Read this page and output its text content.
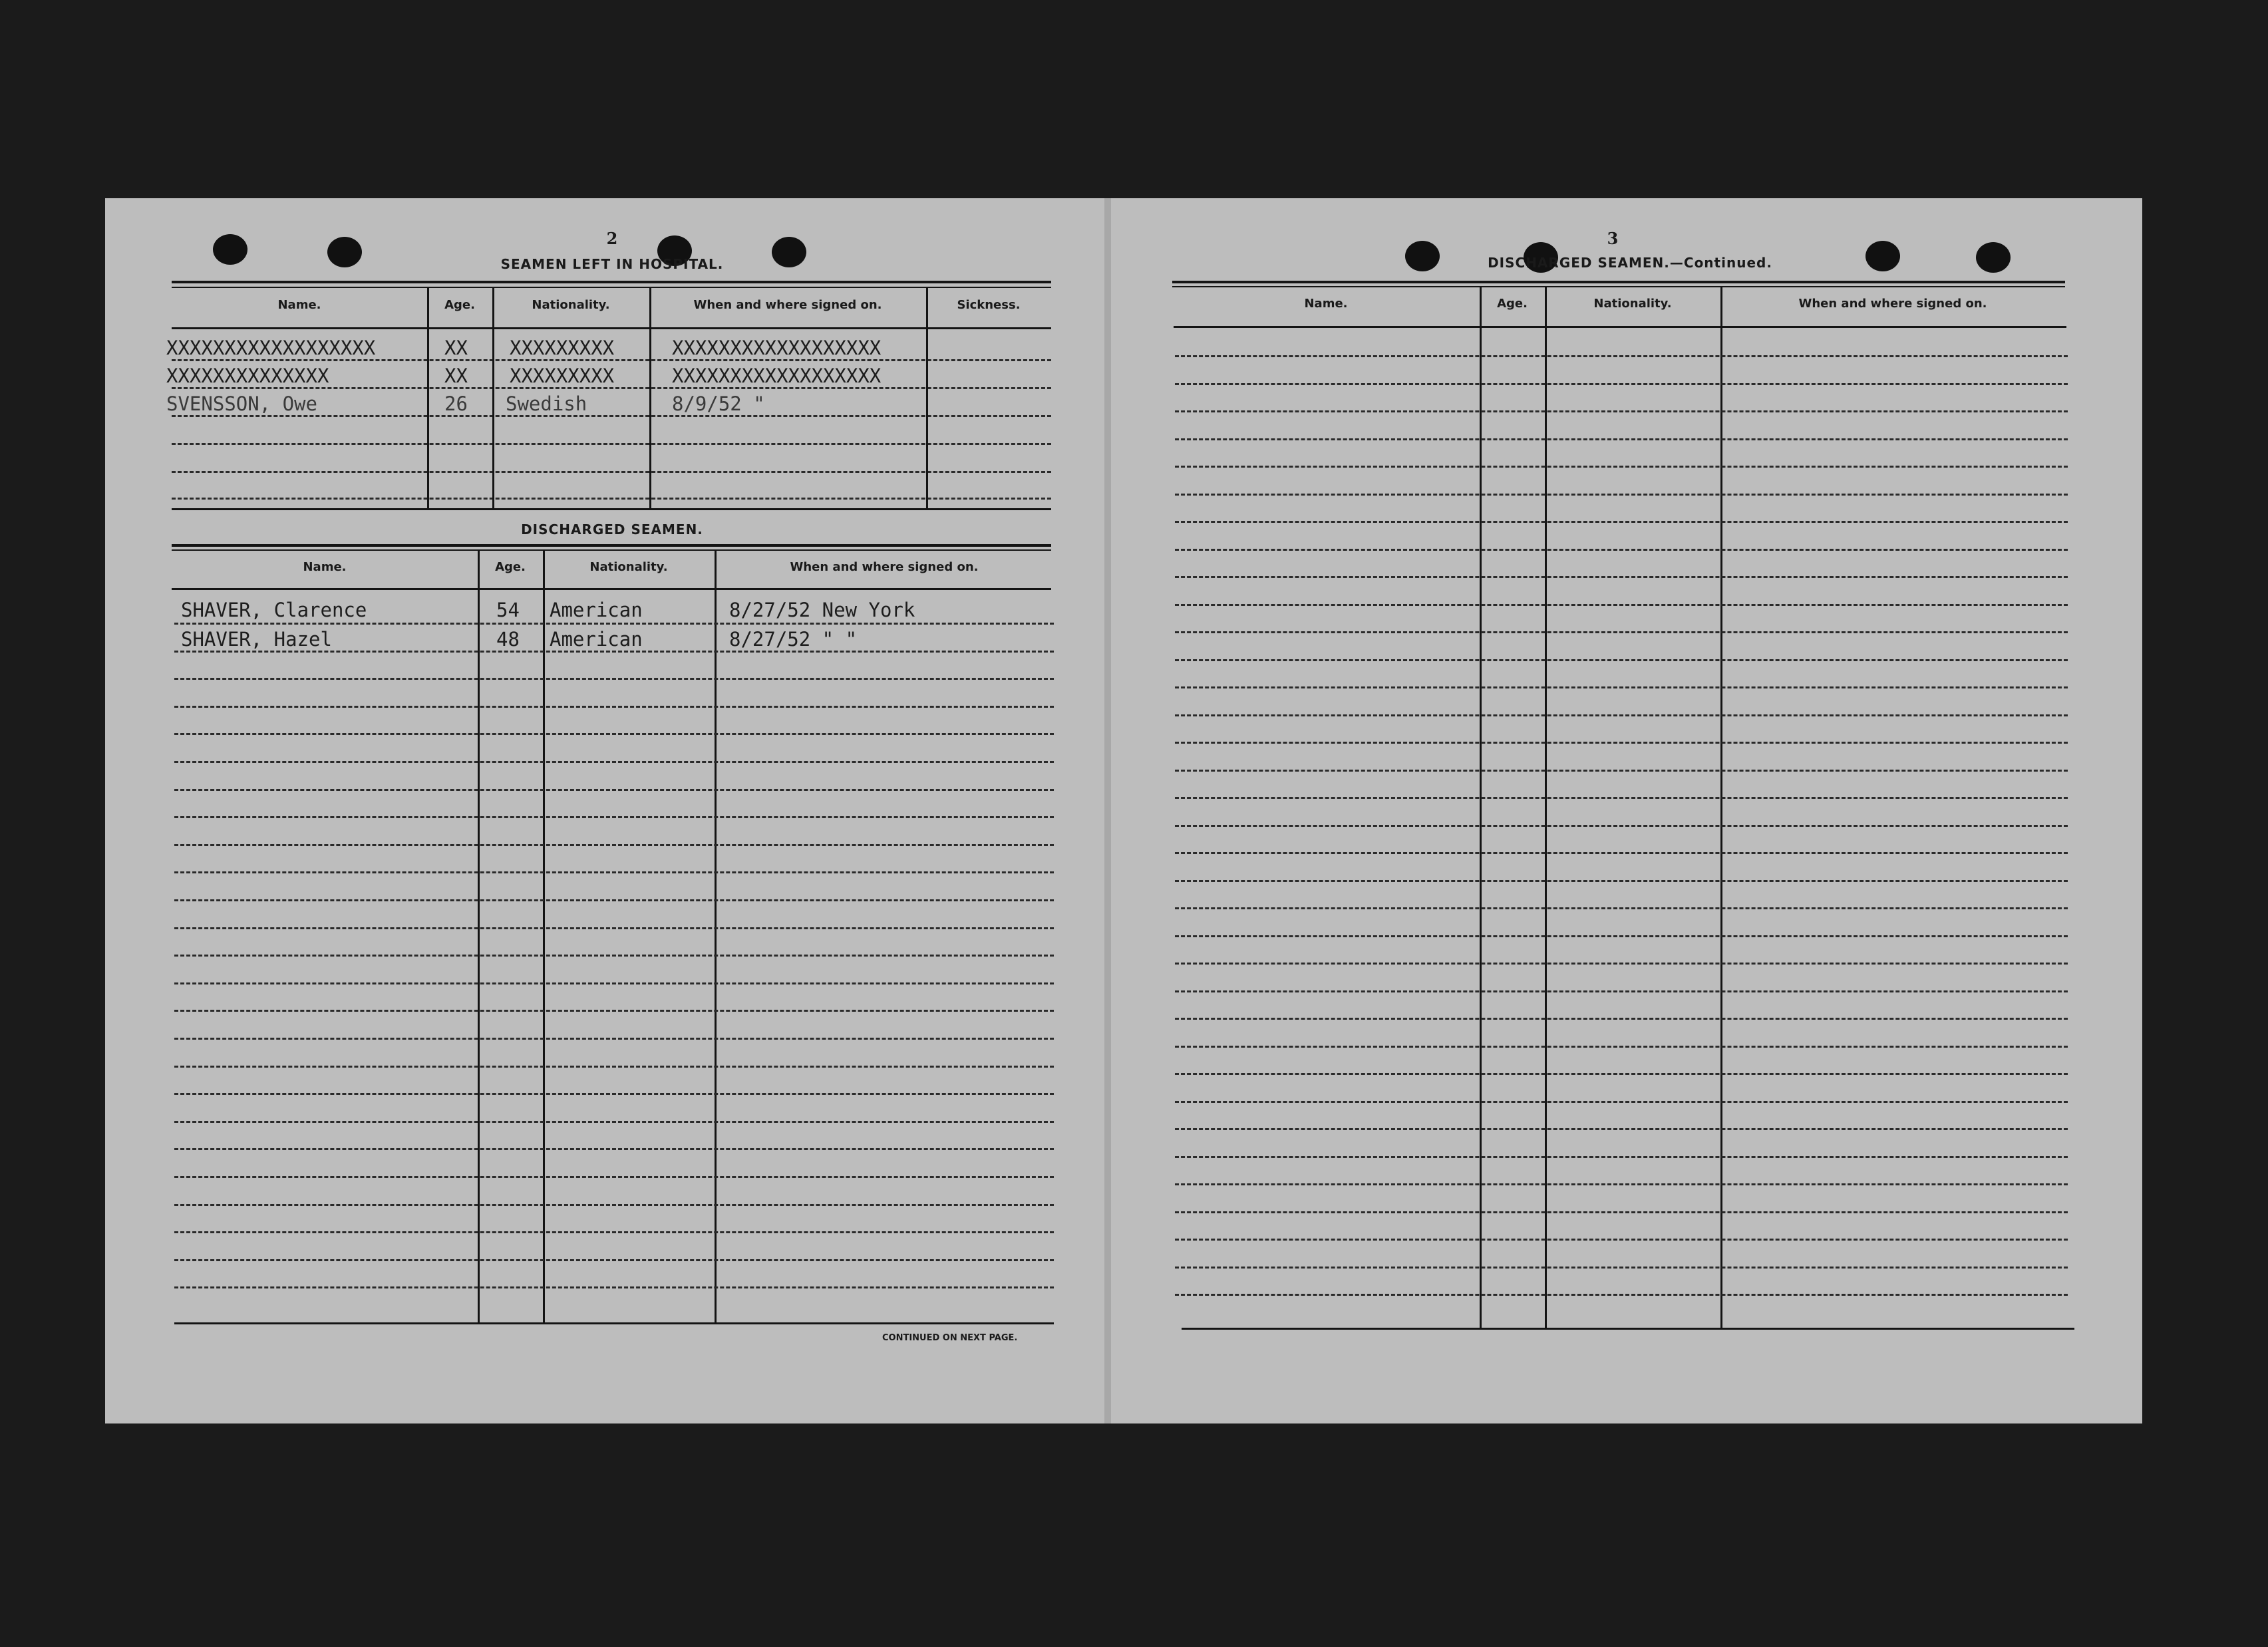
2
SEAMEN LEFT IN HOSPITAL.
Name.	Age.	Nationality.	When and where signed on.	Sickness.
XXXXXXXXXXXXXXXXXX	XX XXXXXXXXX	XXXXXXXXXXXXXXXXXX
XXXXXXXXXXXXXX	XX XXXXXXXXX	XXXXXXXXXXXXXXXXXX
SVENSSON, Owe	26 Swedish	8/9/52 "
DISCHARGED SEAMEN.
Name.	Age.	Nationality.	When and where signed on.
SHAVER, Clarence	54 American	8/27/52 New York
SHAVER, Hazel	48 American	8/27/52 " "
CONTINUED ON NEXT PAGE.
3
DISCHARGED SEAMEN.—Continued.
Name.	Age.	Nationality.	When and where signed on.
